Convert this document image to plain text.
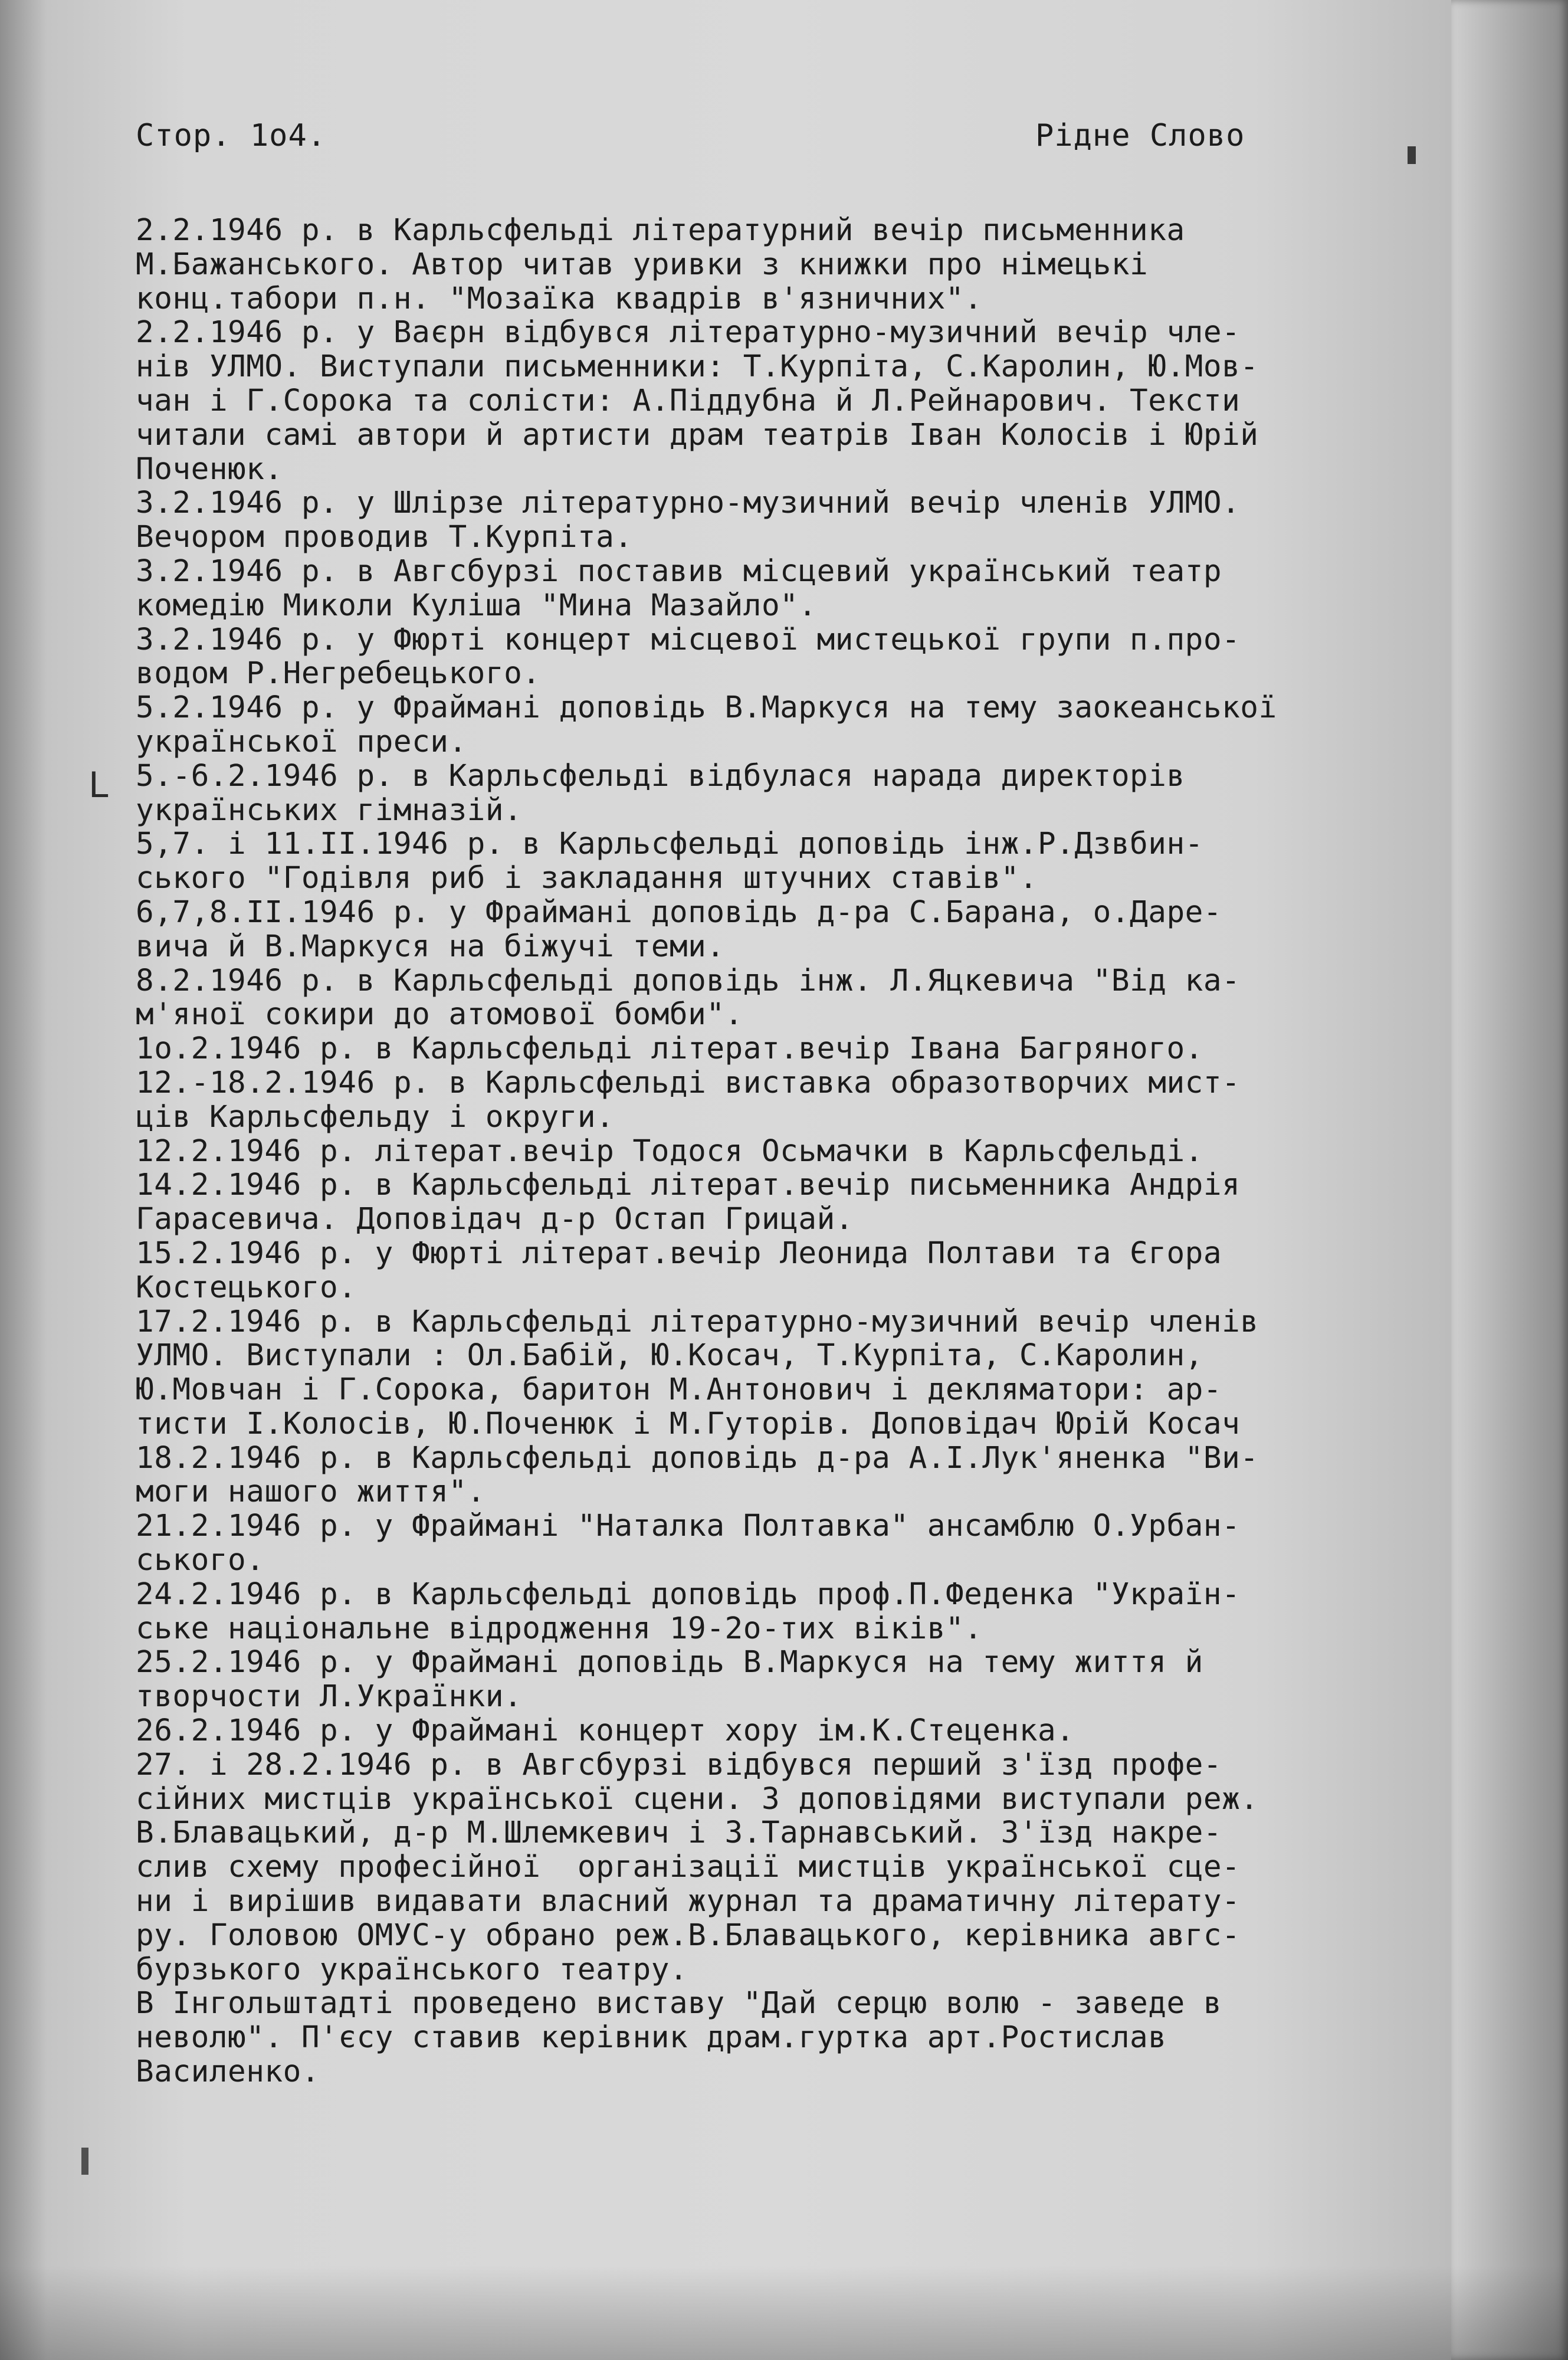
L
Стор. 1о4.	Рідне Слово
2.2.1946 р. в Карльсфельді літературний вечір письменника
М.Бажанського. Автор читав уривки з книжки про німецькі
конц.табори п.н. "Мозаїка квадрів в'язничних".
2.2.1946 р. у Ваєрн відбувся літературно-музичний вечір чле-
нів УЛМО. Виступали письменники: Т.Курпіта, С.Каролин, Ю.Мов-
чан і Г.Сорока та солісти: А.Піддубна й Л.Рейнарович. Тексти
читали самі автори й артисти драм театрів Іван Колосів і Юрій
Поченюк.
3.2.1946 р. у Шлірзе літературно-музичний вечір членів УЛМО.
Вечором проводив Т.Курпіта.
3.2.1946 р. в Авгсбурзі поставив місцевий український театр
комедію Миколи Куліша "Мина Мазайло".
3.2.1946 р. у Фюрті концерт місцевої мистецької групи п.про-
водом Р.Негребецького.
5.2.1946 р. у Фраймані доповідь В.Маркуся на тему заокеанської
української преси.
5.-6.2.1946 р. в Карльсфельді відбулася нарада директорів
українських гімназій.
5,7. і 11.II.1946 р. в Карльсфельді доповідь інж.Р.Дзвбин-
ського "Годівля риб і закладання штучних ставів".
6,7,8.II.1946 р. у Фраймані доповідь д-ра С.Барана, о.Даре-
вича й В.Маркуся на біжучі теми.
8.2.1946 р. в Карльсфельді доповідь інж. Л.Яцкевича "Від ка-
м'яної сокири до атомової бомби".
1о.2.1946 р. в Карльсфельді літерат.вечір Івана Багряного.
12.-18.2.1946 р. в Карльсфельді виставка образотворчих мист-
ців Карльсфельду і округи.
12.2.1946 р. літерат.вечір Тодося Осьмачки в Карльсфельді.
14.2.1946 р. в Карльсфельді літерат.вечір письменника Андрія
Гарасевича. Доповідач д-р Остап Грицай.
15.2.1946 р. у Фюрті літерат.вечір Леонида Полтави та Єгора
Костецького.
17.2.1946 р. в Карльсфельді літературно-музичний вечір членів
УЛМО. Виступали : Ол.Бабій, Ю.Косач, Т.Курпіта, С.Каролин,
Ю.Мовчан і Г.Сорока, баритон М.Антонович і декляматори: ар-
тисти І.Колосів, Ю.Поченюк і М.Гуторів. Доповідач Юрій Косач
18.2.1946 р. в Карльсфельді доповідь д-ра А.І.Лук'яненка "Ви-
моги нашого життя".
21.2.1946 р. у Фраймані "Наталка Полтавка" ансамблю О.Урбан-
ського.
24.2.1946 р. в Карльсфельді доповідь проф.П.Феденка "Україн-
ське національне відродження 19-2о-тих віків".
25.2.1946 р. у Фраймані доповідь В.Маркуся на тему життя й
творчости Л.Українки.
26.2.1946 р. у Фраймані концерт хору ім.К.Стеценка.
27. і 28.2.1946 р. в Авгсбурзі відбувся перший з'їзд профе-
сійних мистців української сцени. З доповідями виступали реж.
В.Блавацький, д-р М.Шлемкевич і З.Тарнавський. З'їзд накре-
слив схему професійної  організації мистців української сце-
ни і вирішив видавати власний журнал та драматичну літерату-
ру. Головою ОМУС-у обрано реж.В.Блавацького, керівника авгс-
бурзького українського театру.
В Інгольштадті проведено виставу "Дай серцю волю - заведе в
неволю". П'єсу ставив керівник драм.гуртка арт.Ростислав
Василенко.
